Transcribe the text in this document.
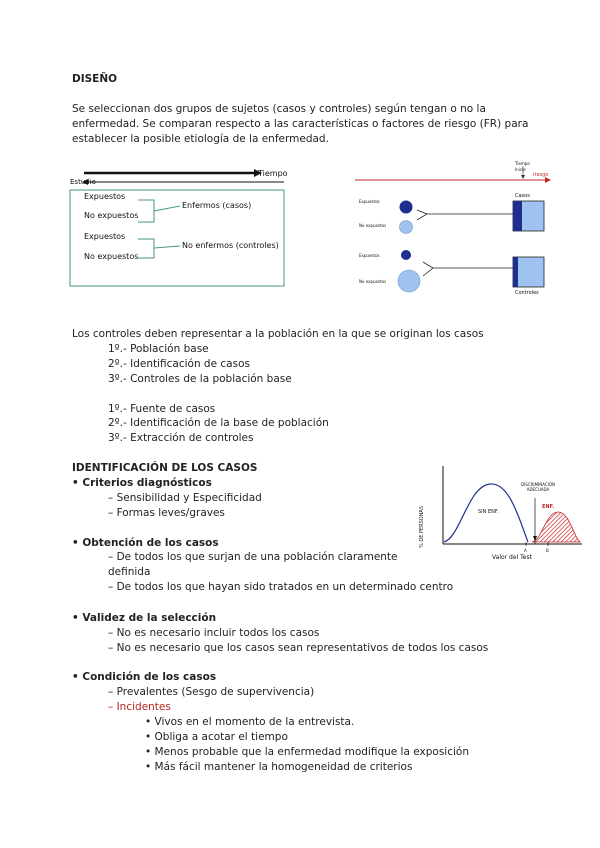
DISEÑO
Se seleccionan dos grupos de sujetos (casos y controles) según tengan o no la
enfermedad. Se comparan respecto a las características o factores de riesgo (FR) para
establecer la posible etiología de la enfermedad.
Tiempo
Estudio
Expuestos
No expuestos
Enfermos (casos)
Expuestos
No expuestos
No enfermos (controles)
Tiempo
Inicio
riesgo
Casos
Controles
Expuestos
No expuestos
Expuestos
No expuestos
Los controles deben representar a la población en la que se originan los casos
1º.- Población base
2º.- Identificación de casos
3º.- Controles de la población base
1º.- Fuente de casos
2º.- Identificación de la base de población
3º.- Extracción de controles
IDENTIFICACIÓN DE LOS CASOS
• Criterios diagnósticos
– Sensibilidad y Especificidad
– Formas leves/graves
• Obtención de los casos
– De todos los que surjan de una población claramente
definida
– De todos los que hayan sido tratados en un determinado centro
• Validez de la selección
– No es necesario incluir todos los casos
– No es necesario que los casos sean representativos de todos los casos
• Condición de los casos
– Prevalentes (Sesgo de supervivencia)
– Incidentes
• Vivos en el momento de la entrevista.
• Obliga a acotar el tiempo
• Menos probable que la enfermedad modifique la exposición
• Más fácil mantener la homogeneidad de criterios
% DE PERSONAS	SIN ENF.
ENF.
DISCRIMINACIÓN ADECUADA
A	B
Valor del Test
